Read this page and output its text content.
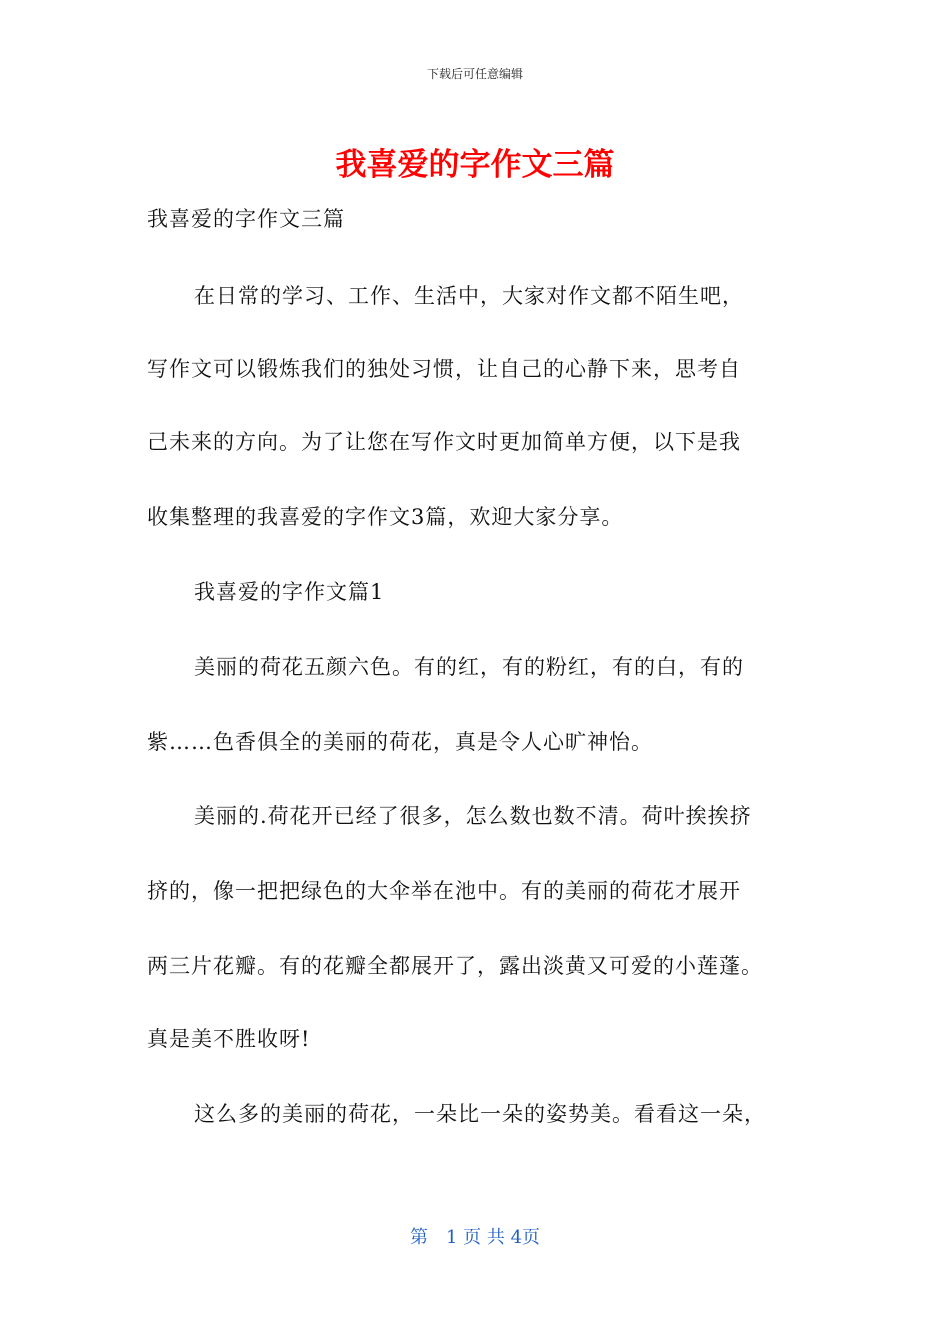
下载后可任意编辑
我喜爱的字作文三篇
我喜爱的字作文三篇
在日常的学习、工作、生活中，大家对作文都不陌生吧，
写作文可以锻炼我们的独处习惯，让自己的心静下来，思考自
己未来的方向。为了让您在写作文时更加简单方便，以下是我
收集整理的我喜爱的字作文3篇，欢迎大家分享。
我喜爱的字作文篇1
美丽的荷花五颜六色。有的红，有的粉红，有的白，有的
紫……色香俱全的美丽的荷花，真是令人心旷神怡。
美丽的.荷花开已经了很多，怎么数也数不清。荷叶挨挨挤
挤的，像一把把绿色的大伞举在池中。有的美丽的荷花才展开
两三片花瓣。有的花瓣全都展开了，露出淡黄又可爱的小莲蓬。
真是美不胜收呀!
这么多的美丽的荷花，一朵比一朵的姿势美。看看这一朵，
第　1 页 共 4页
